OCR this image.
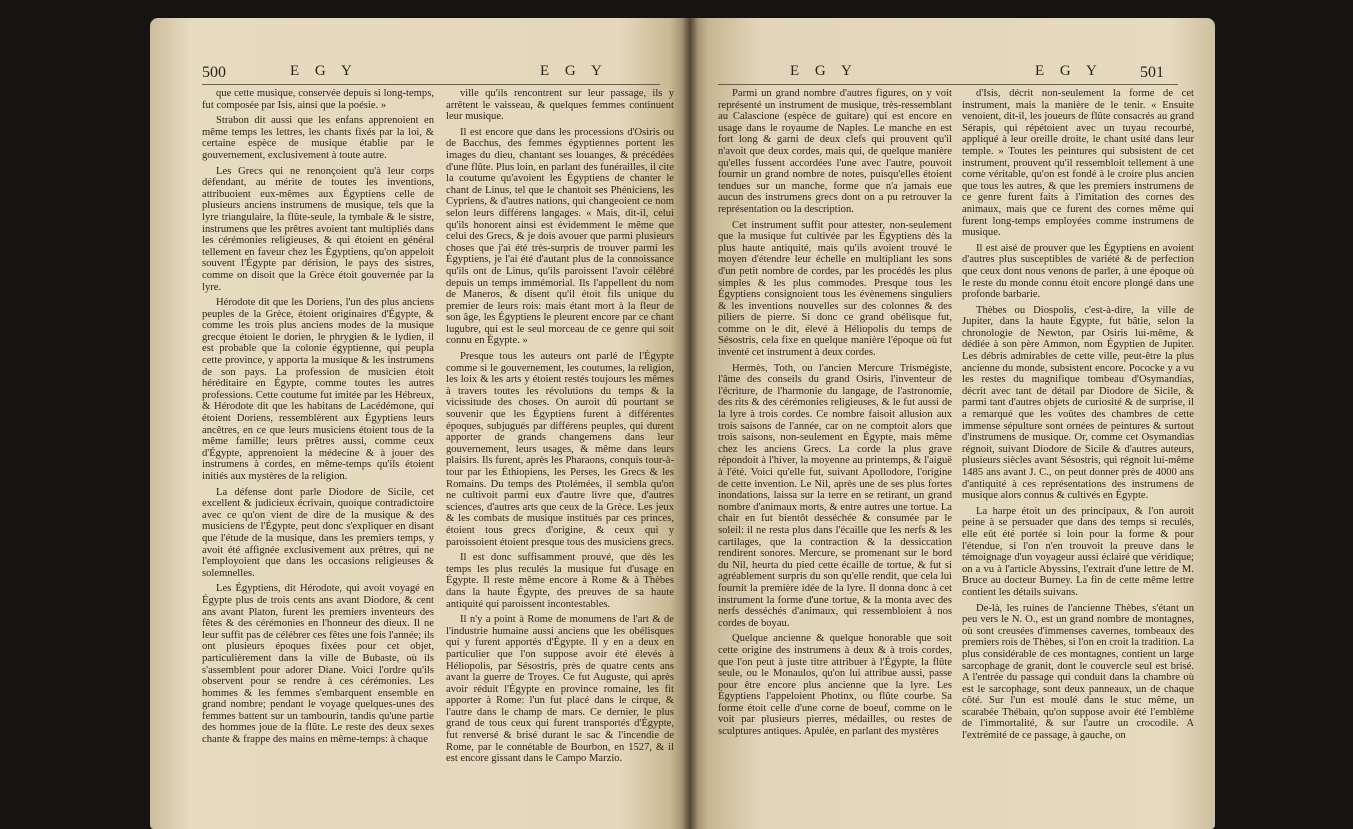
500	E G Y	E G Y

que cette musique, conservée depuis si long-temps, fut composée par Isis, ainsi que la poésie. »

Strabon dit aussi que les enfans apprenoient en même temps les lettres, les chants fixés par la loi, & certaine espèce de musique établie par le gouvernement, exclusivement à toute autre.

Les Grecs qui ne renonçoient qu'à leur corps défendant, au mérite de toutes les inventions, attribuoient eux-mêmes aux Égyptiens celle de plusieurs anciens instrumens de musique, tels que la lyre triangulaire, la flûte-seule, la tymbale & le sistre, instrumens que les prêtres avoient tant multipliés dans les cérémonies religieuses, & qui étoient en général tellement en faveur chez les Égyptiens, qu'on appeloit souvent l'Égypte par dérision, le pays des sistres, comme on disoit que la Grèce étoit gouvernée par la lyre.

Hérodote dit que les Doriens, l'un des plus anciens peuples de la Grèce, étoient originaires d'Égypte, & comme les trois plus anciens modes de la musique grecque étoient le dorien, le phrygien & le lydien, il est probable que la colonie égyptienne, qui peupla cette province, y apporta la musique & les instrumens de son pays. La profession de musicien étoit héréditaire en Égypte, comme toutes les autres professions. Cette coutume fut imitée par les Hébreux, & Hérodote dit que les habitans de Lacédémone, qui étoient Doriens, ressemblèrent aux Égyptiens leurs ancêtres, en ce que leurs musiciens étoient tous de la même famille; leurs prêtres aussi, comme ceux d'Égypte, apprenoient la médecine & à jouer des instrumens à cordes, en même-temps qu'ils étoient initiés aux mystères de la religion.

La défense dont parle Diodore de Sicile, cet excellent & judicieux écrivain, quoique contradictoire avec ce qu'on vient de dire de la musique & des musiciens de l'Égypte, peut donc s'expliquer en disant que l'étude de la musique, dans les premiers temps, y avoit été affignée exclusivement aux prêtres, qui ne l'employoient que dans les occasions religieuses & solemnelles.

Les Égyptiens, dit Hérodote, qui avoit voyagé en Égypte plus de trois cents ans avant Diodore, & cent ans avant Platon, furent les premiers inventeurs des fêtes & des cérémonies en l'honneur des dieux. Il ne leur suffit pas de célébrer ces fêtes une fois l'année; ils ont plusieurs époques fixées pour cet objet, particulièrement dans la ville de Bubaste, où ils s'assemblent pour adorer Diane. Voici l'ordre qu'ils observent pour se rendre à ces cérémonies. Les hommes & les femmes s'embarquent ensemble en grand nombre; pendant le voyage quelques-unes des femmes battent sur un tambourin, tandis qu'une partie des hommes joue de la flûte. Le reste des deux sexes chante & frappe des mains en même-temps: à chaque

ville qu'ils rencontrent sur leur passage, ils y arrêtent le vaisseau, & quelques femmes continuent leur musique.

Il est encore que dans les processions d'Osiris ou de Bacchus, des femmes égyptiennes portent les images du dieu, chantant ses louanges, & précédées d'une flûte. Plus loin, en parlant des funérailles, il cite la coutume qu'avoient les Égyptiens de chanter le chant de Linus, tel que le chantoit ses Phéniciens, les Cypriens, & d'autres nations, qui changeoient ce nom selon leurs différens langages. « Mais, dit-il, celui qu'ils honorent ainsi est évidemment le même que celui des Grecs, & je dois avouer que parmi plusieurs choses que j'ai été très-surpris de trouver parmi les Égyptiens, je l'ai été d'autant plus de la connoissance qu'ils ont de Linus, qu'ils paroissent l'avoir célébré depuis un temps immémorial. Ils l'appellent du nom de Maneros, & disent qu'il étoit fils unique du premier de leurs rois: mais étant mort à la fleur de son âge, les Égyptiens le pleurent encore par ce chant lugubre, qui est le seul morceau de ce genre qui soit connu en Égypte. »

Presque tous les auteurs ont parlé de l'Égypte comme si le gouvernement, les coutumes, la religion, les loix & les arts y étoient restés toujours les mêmes à travers toutes les révolutions du temps & la vicissitude des choses. On auroit dû pourtant se souvenir que les Égyptiens furent à différentes époques, subjugués par différens peuples, qui durent apporter de grands changemens dans leur gouvernement, leurs usages, & même dans leurs plaisirs. Ils furent, après les Pharaons, conquis tour-à-tour par les Éthiopiens, les Perses, les Grecs & les Romains. Du temps des Ptolémées, il sembla qu'on ne cultivoit parmi eux d'autre livre que, d'autres sciences, d'autres arts que ceux de la Grèce. Les jeux & les combats de musique institués par ces princes, étoient tous grecs d'origine, & ceux qui y paroissoient étoient presque tous des musiciens grecs.

Il est donc suffisamment prouvé, que dès les temps les plus reculés la musique fut d'usage en Égypte. Il reste même encore à Rome & à Thèbes dans la haute Égypte, des preuves de sa haute antiquité qui paroissent incontestables.

Il n'y a point à Rome de monumens de l'art & de l'industrie humaine aussi anciens que les obélisques qui y furent apportés d'Égypte. Il y en a deux en particulier que l'on suppose avoir été élevés à Héliopolis, par Sésostris, près de quatre cents ans avant la guerre de Troyes. Ce fut Auguste, qui après avoir réduit l'Égypte en province romaine, les fit apporter à Rome: l'un fut placé dans le cirque, & l'autre dans le champ de mars. Ce dernier, le plus grand de tous ceux qui furent transportés d'Égypte, fut renversé & brisé durant le sac & l'incendie de Rome, par le connétable de Bourbon, en 1527, & il est encore gissant dans le Campo Marzio.

E G Y	E G Y 501

Parmi un grand nombre d'autres figures, on y voit représenté un instrument de musique, très-ressemblant au Calascione (espèce de guitare) qui est encore en usage dans le royaume de Naples. Le manche en est fort long & garni de deux clefs qui prouvent qu'il n'avoit que deux cordes, mais qui, de quelque manière qu'elles fussent accordées l'une avec l'autre, pouvoit fournir un grand nombre de notes, puisqu'elles étoient tendues sur un manche, forme que n'a jamais eue aucun des instrumens grecs dont on a pu retrouver la représentation ou la description.

Cet instrument suffit pour attester, non-seulement que la musique fut cultivée par les Égyptiens dès la plus haute antiquité, mais qu'ils avoient trouvé le moyen d'étendre leur échelle en multipliant les sons d'un petit nombre de cordes, par les procédés les plus simples & les plus commodes. Presque tous les Égyptiens consignoient tous les évènemens singuliers & les inventions nouvelles sur des colonnes & des piliers de pierre. Si donc ce grand obélisque fut, comme on le dit, élevé à Héliopolis du temps de Sésostris, cela fixe en quelque manière l'époque où fut inventé cet instrument à deux cordes.

Hermès, Toth, ou l'ancien Mercure Trismégiste, l'âme des conseils du grand Osiris, l'inventeur de l'écriture, de l'harmonie du langage, de l'astronomie, des rits & des cérémonies religieuses, & le fut aussi de la lyre à trois cordes. Ce nombre faisoit allusion aux trois saisons de l'année, car on ne comptoit alors que trois saisons, non-seulement en Égypte, mais même chez les anciens Grecs. La corde la plus grave répondoit à l'hiver, la moyenne au printemps, & l'aiguë à l'été. Voici qu'elle fut, suivant Apollodore, l'origine de cette invention. Le Nil, après une de ses plus fortes inondations, laissa sur la terre en se retirant, un grand nombre d'animaux morts, & entre autres une tortue. La chair en fut bientôt desséchée & consumée par le soleil: il ne resta plus dans l'écaille que les nerfs & les cartilages, que la contraction & la dessiccation rendirent sonores. Mercure, se promenant sur le bord du Nil, heurta du pied cette écaille de tortue, & fut si agréablement surpris du son qu'elle rendit, que cela lui fournit la première idée de la lyre. Il donna donc à cet instrument la forme d'une tortue, & la monta avec des nerfs desséchés d'animaux, qui ressembloient à nos cordes de boyau.

Quelque ancienne & quelque honorable que soit cette origine des instrumens à deux & à trois cordes, que l'on peut à juste titre attribuer à l'Égypte, la flûte seule, ou le Monaulos, qu'on lui attribue aussi, passe pour être encore plus ancienne que la lyre. Les Égyptiens l'appeloient Photinx, ou flûte courbe. Sa forme étoit celle d'une corne de boeuf, comme on le voit par plusieurs pierres, médailles, ou restes de sculptures antiques. Apulée, en parlant des mystères

d'Isis, décrit non-seulement la forme de cet instrument, mais la manière de le tenir. « Ensuite venoient, dit-il, les joueurs de flûte consacrés au grand Sérapis, qui répétoient avec un tuyau recourbé, appliqué à leur oreille droite, le chant usité dans leur temple. » Toutes les peintures qui subsistent de cet instrument, prouvent qu'il ressembloit tellement à une corne véritable, qu'on est fondé à le croire plus ancien que tous les autres, & que les premiers instrumens de ce genre furent faits à l'imitation des cornes des animaux, mais que ce furent des cornes même qui furent long-temps employées comme instrumens de musique.

Il est aisé de prouver que les Égyptiens en avoient d'autres plus susceptibles de variété & de perfection que ceux dont nous venons de parler, à une époque où le reste du monde connu étoit encore plongé dans une profonde barbarie.

Thèbes ou Diospolis, c'est-à-dire, la ville de Jupiter, dans la haute Égypte, fut bâtie, selon la chronologie de Newton, par Osiris lui-même, & dédiée à son père Ammon, nom Égyptien de Jupiter. Les débris admirables de cette ville, peut-être la plus ancienne du monde, subsistent encore. Pococke y a vu les restes du magnifique tombeau d'Osymandias, décrit avec tant de détail par Diodore de Sicile, & parmi tant d'autres objets de curiosité & de surprise, il a remarqué que les voûtes des chambres de cette immense sépulture sont ornées de peintures & surtout d'instrumens de musique. Or, comme cet Osymandias régnoit, suivant Diodore de Sicile & d'autres auteurs, plusieurs siècles avant Sésostris, qui régnoit lui-même 1485 ans avant J. C., on peut donner près de 4000 ans d'antiquité à ces représentations des instrumens de musique alors connus & cultivés en Égypte.

La harpe étoit un des principaux, & l'on auroit peine à se persuader que dans des temps si reculés, elle eût été portée si loin pour la forme & pour l'étendue, si l'on n'en trouvoit la preuve dans le témoignage d'un voyageur aussi éclairé que véridique; on a vu à l'article Abyssins, l'extrait d'une lettre de M. Bruce au docteur Burney. La fin de cette même lettre contient les détails suivans.

De-là, les ruines de l'ancienne Thèbes, s'étant un peu vers le N. O., est un grand nombre de montagnes, où sont creusées d'immenses cavernes, tombeaux des premiers rois de Thèbes, si l'on en croit la tradition. La plus considérable de ces montagnes, contient un large sarcophage de granit, dont le couvercle seul est brisé. A l'entrée du passage qui conduit dans la chambre où est le sarcophage, sont deux panneaux, un de chaque côté. Sur l'un est moulé dans le stuc même, un scarabée Thébain, qu'on suppose avoir été l'emblème de l'immortalité, & sur l'autre un crocodile. A l'extrémité de ce passage, à gauche, on
